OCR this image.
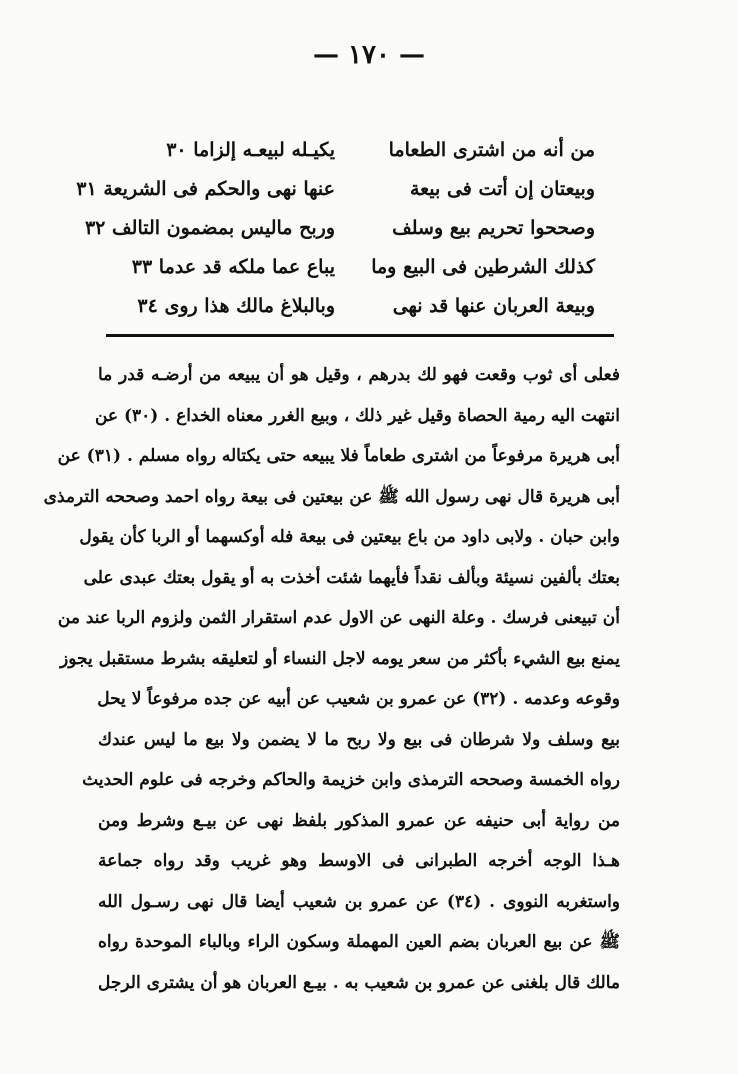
— ١٧٠ —
من أنه من اشترى الطعاما
يكيـله لبيعـه إلزاما ٣٠
وبيعتان إن أتت فى بيعة
عنها نهى والحكم فى الشريعة ٣١
وصححوا تحريم بيع وسلف
وربح ماليس بمضمون التالف ٣٢
كذلك الشرطين فى البيع وما
يباع عما ملكه قد عدما ٣٣
وبيعة العربان عنها قد نهى
وبالبلاغ مالك هذا روى ٣٤
فعلى أى ثوب وقعت فهو لك بدرهم ، وقيل هو أن يبيعه من أرضـه قدر ما
انتهت اليه رمية الحصاة وقيل غير ذلك ، وبيع الغرر معناه الخداع . (٣٠) عن
أبى هريرة مرفوعاً من اشترى طعاماً فلا يبيعه حتى يكتاله رواه مسلم . (٣١) عن
أبى هريرة قال نهى رسول الله ﷺ عن بيعتين فى بيعة رواه احمد وصححه الترمذى
وابن حبان . ولابى داود من باع بيعتين فى بيعة فله أوكسهما أو الربا كأن يقول
بعتك بألفين نسيئة وبألف نقداً فأيهما شئت أخذت به أو يقول بعتك عبدى على
أن تبيعنى فرسك . وعلة النهى عن الاول عدم استقرار الثمن ولزوم الربا عند من
يمنع بيع الشيء بأكثر من سعر يومه لاجل النساء أو لتعليقه بشرط مستقبل يجوز
وقوعه وعدمه . (٣٢) عن عمرو بن شعيب عن أبيه عن جده مرفوعاً لا يحل
بيع وسلف ولا شرطان فى بيع ولا ربح ما لا يضمن ولا بيع ما ليس عندك
رواه الخمسة وصححه الترمذى وابن خزيمة والحاكم وخرجه فى علوم الحديث
من رواية أبى حنيفه عن عمرو المذكور بلفظ نهى عن بيـع وشرط ومن
هـذا الوجه أخرجه الطبرانى فى الاوسط وهو غريب وقد رواه جماعة
واستغربه النووى . (٣٤) عن عمرو بن شعيب أيضا قال نهى رسـول الله
ﷺ عن بيع العربان بضم العين المهملة وسكون الراء وبالباء الموحدة رواه
مالك قال بلغنى عن عمرو بن شعيب به . بيـع العربان هو أن يشترى الرجل
